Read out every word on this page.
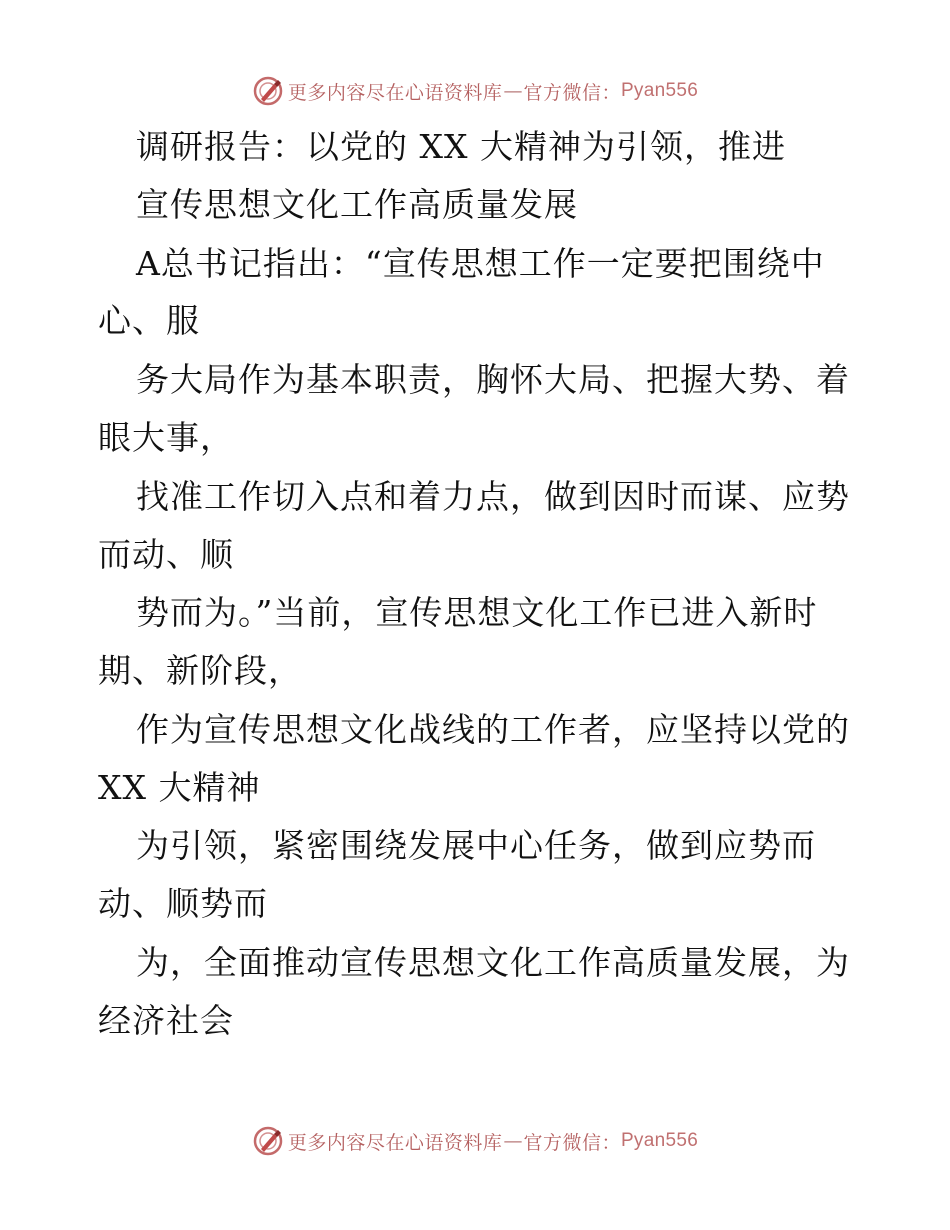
更多内容尽在心语资料库 — 官方微信： Pyan556
调研报告：以党的 XX 大精神为引领，推进
宣传思想文化工作高质量发展
A总书记指出：“宣传思想工作一定要把围绕中
心、服
务大局作为基本职责，胸怀大局、把握大势、着
眼大事，
找准工作切入点和着力点，做到因时而谋、应势
而动、顺
势而为。”当前，宣传思想文化工作已进入新时
期、新阶段，
作为宣传思想文化战线的工作者，应坚持以党的
XX 大精神
为引领，紧密围绕发展中心任务，做到应势而
动、顺势而
为，全面推动宣传思想文化工作高质量发展，为
经济社会
更多内容尽在心语资料库 — 官方微信： Pyan556
